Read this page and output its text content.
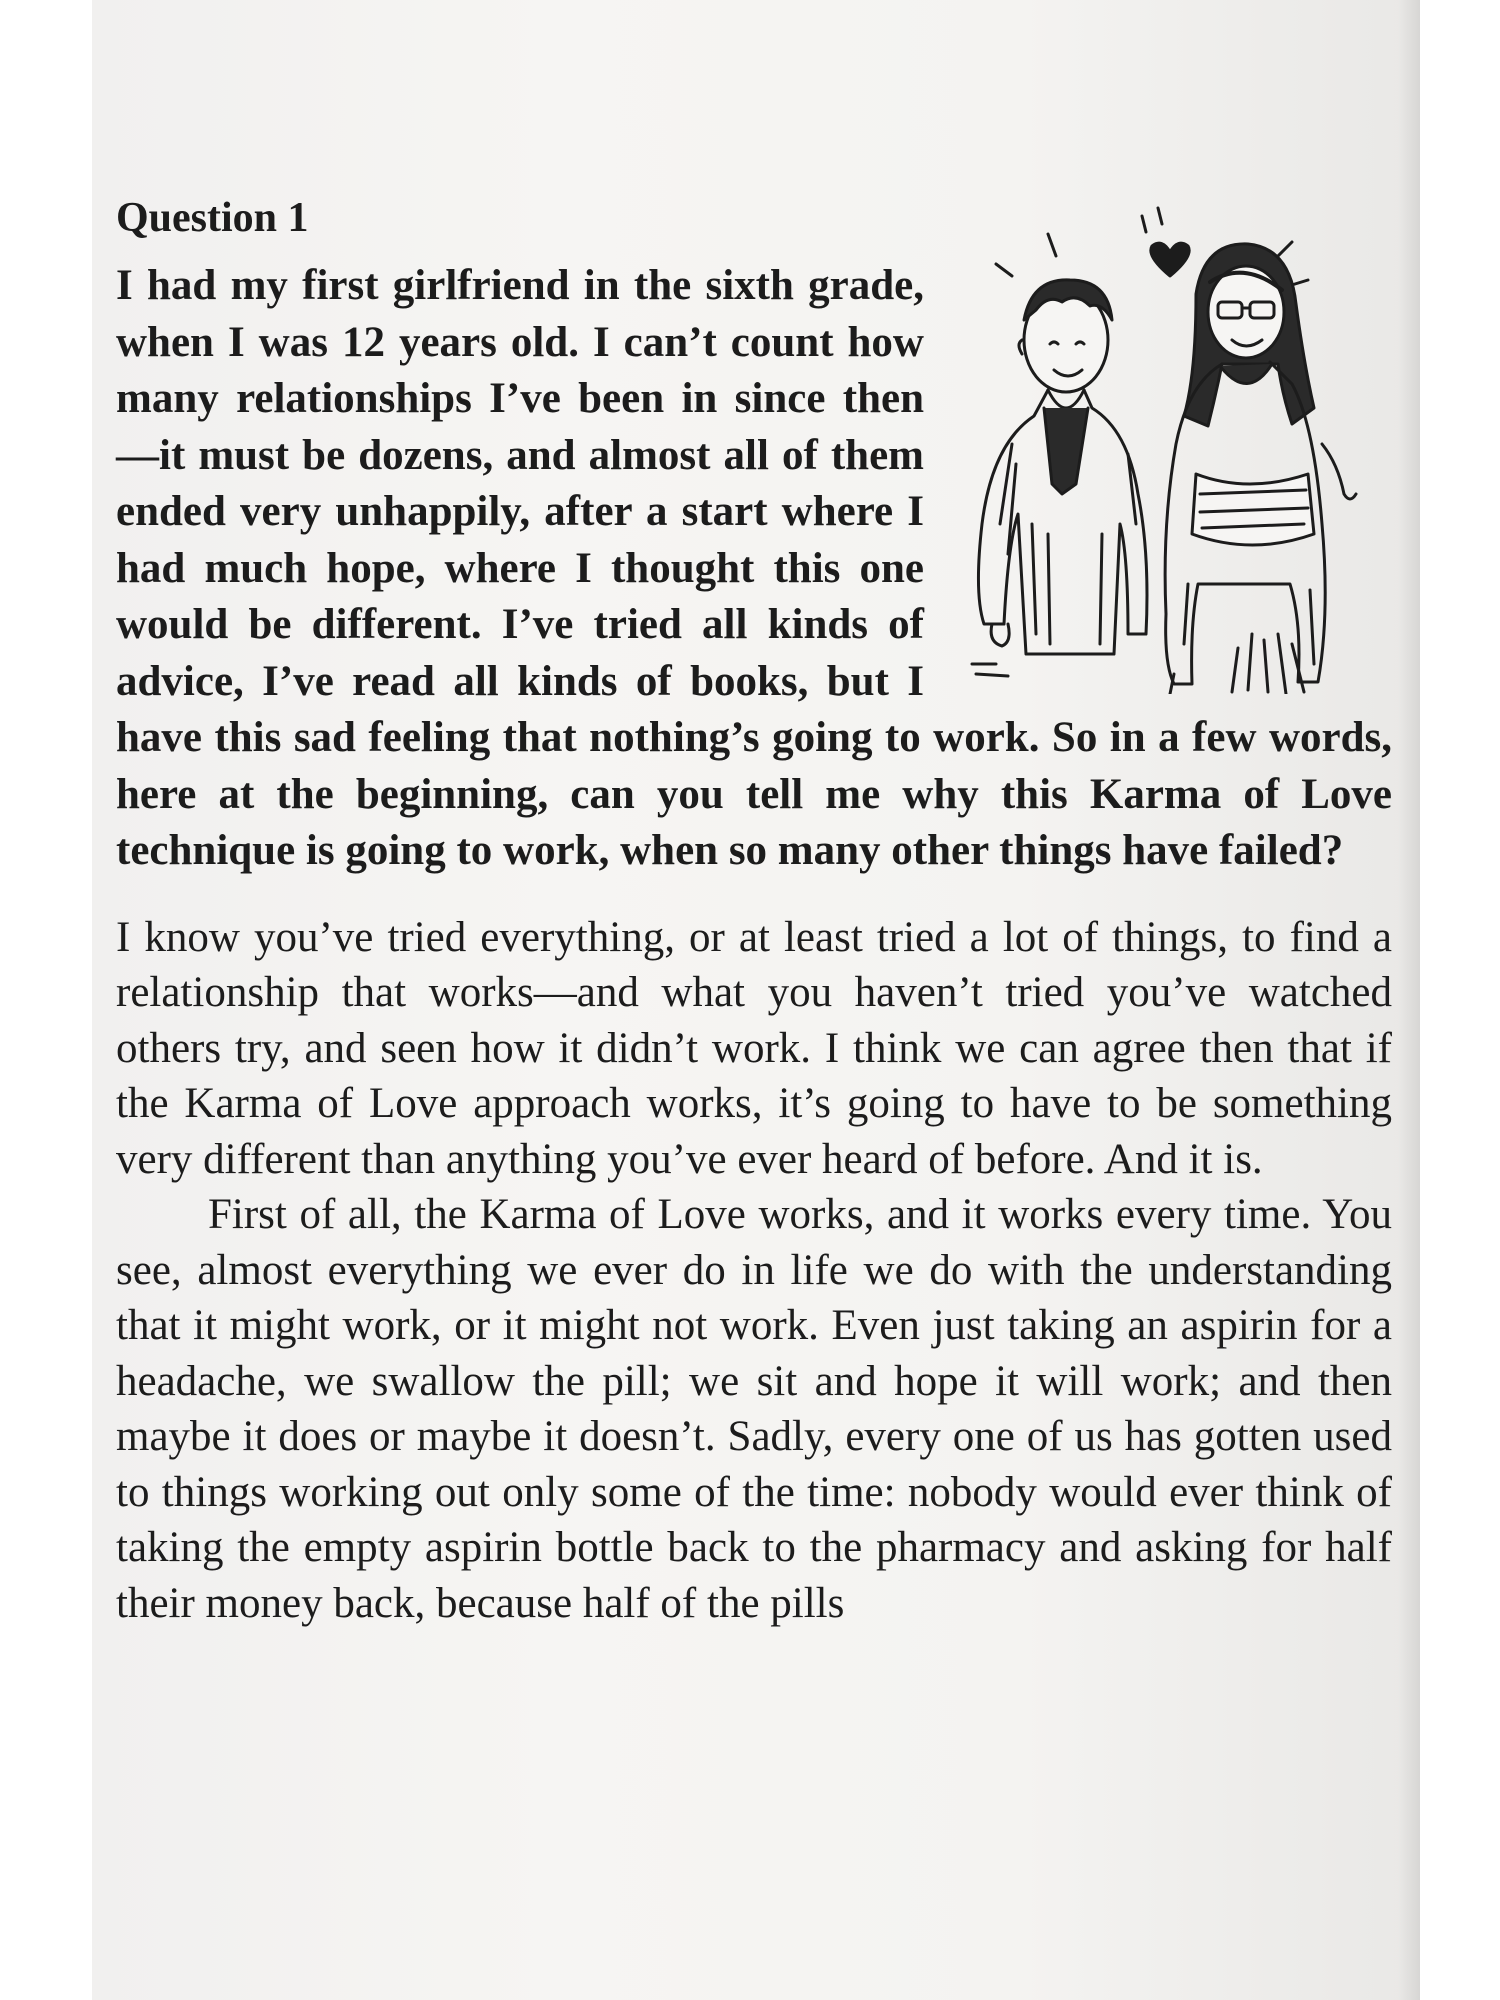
Question 1

I had my first girlfriend in the sixth grade, when I was 12 years old. I can’t count how many relationships I’ve been in since then—it must be dozens, and almost all of them ended very unhappily, after a start where I had much hope, where I thought this one would be different. I’ve tried all kinds of advice, I’ve read all kinds of books, but I have this sad feeling that nothing’s going to work. So in a few words, here at the beginning, can you tell me why this Karma of Love technique is going to work, when so many other things have failed?

I know you’ve tried everything, or at least tried a lot of things, to find a relationship that works—and what you haven’t tried you’ve watched others try, and seen how it didn’t work. I think we can agree then that if the Karma of Love approach works, it’s going to have to be something very different than anything you’ve ever heard of before. And it is.

First of all, the Karma of Love works, and it works every time. You see, almost everything we ever do in life we do with the understanding that it might work, or it might not work. Even just taking an aspirin for a headache, we swallow the pill; we sit and hope it will work; and then maybe it does or maybe it doesn’t. Sadly, every one of us has gotten used to things working out only some of the time: nobody would ever think of taking the empty aspirin bottle back to the pharmacy and asking for half their money back, because half of the pills
